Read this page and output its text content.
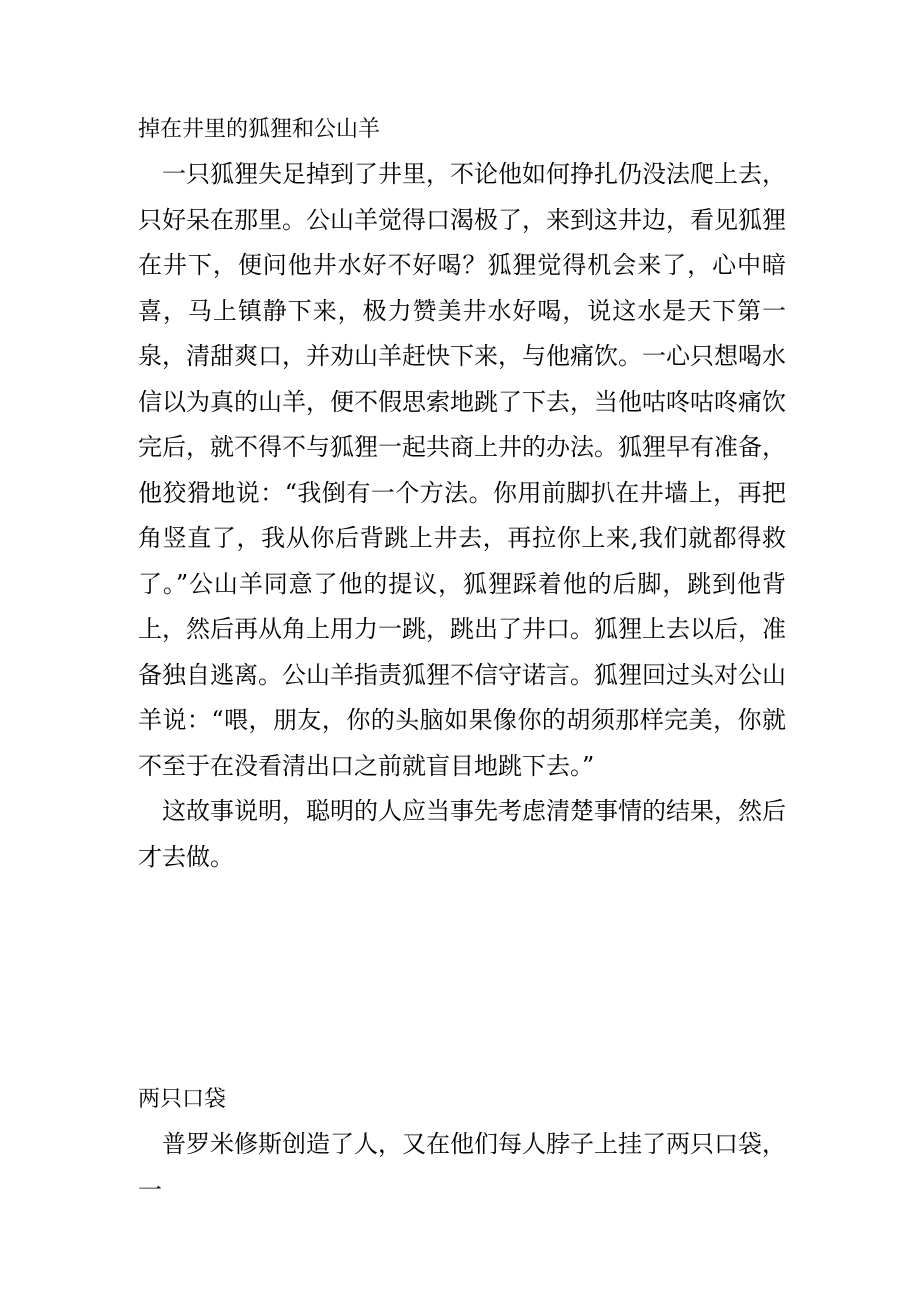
掉在井里的狐狸和公山羊

一只狐狸失足掉到了井里，不论他如何挣扎仍没法爬上去，只好呆在那里。公山羊觉得口渴极了，来到这井边，看见狐狸在井下，便问他井水好不好喝？狐狸觉得机会来了，心中暗喜，马上镇静下来，极力赞美井水好喝，说这水是天下第一泉，清甜爽口，并劝山羊赶快下来，与他痛饮。一心只想喝水信以为真的山羊，便不假思索地跳了下去，当他咕咚咕咚痛饮完后，就不得不与狐狸一起共商上井的办法。狐狸早有准备，他狡猾地说：“我倒有一个方法。你用前脚扒在井墙上，再把角竖直了，我从你后背跳上井去，再拉你上来,我们就都得救了。”公山羊同意了他的提议，狐狸踩着他的后脚，跳到他背上，然后再从角上用力一跳，跳出了井口。狐狸上去以后，准备独自逃离。公山羊指责狐狸不信守诺言。狐狸回过头对公山羊说：“喂，朋友，你的头脑如果像你的胡须那样完美，你就不至于在没看清出口之前就盲目地跳下去。”

这故事说明，聪明的人应当事先考虑清楚事情的结果，然后才去做。

两只口袋

普罗米修斯创造了人，又在他们每人脖子上挂了两只口袋，一
